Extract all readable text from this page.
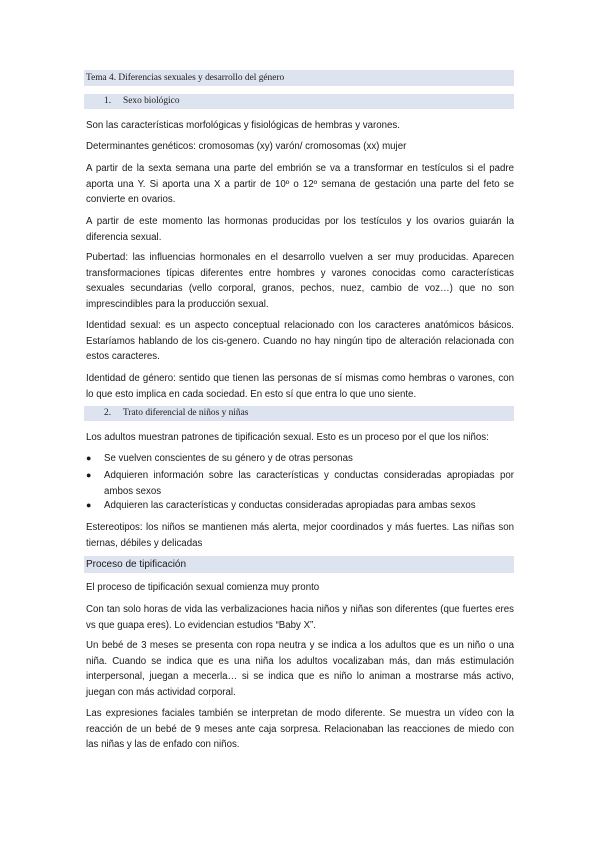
Tema 4. Diferencias sexuales y desarrollo del género
1. Sexo biológico

Son las características morfológicas y fisiológicas de hembras y varones.

Determinantes genéticos: cromosomas (xy) varón/ cromosomas (xx) mujer

A partir de la sexta semana una parte del embrión se va a transformar en testículos si el padre aporta una Y. Si aporta una X a partir de 10º o 12º semana de gestación una parte del feto se convierte en ovarios.

A partir de este momento las hormonas producidas por los testículos y los ovarios guiarán la diferencia sexual.

Pubertad: las influencias hormonales en el desarrollo vuelven a ser muy producidas. Aparecen transformaciones típicas diferentes entre hombres y varones conocidas como características sexuales secundarias (vello corporal, granos, pechos, nuez, cambio de voz…) que no son imprescindibles para la producción sexual.

Identidad sexual: es un aspecto conceptual relacionado con los caracteres anatómicos básicos. Estaríamos hablando de los cis-genero. Cuando no hay ningún tipo de alteración relacionada con estos caracteres.

Identidad de género: sentido que tienen las personas de sí mismas como hembras o varones, con lo que esto implica en cada sociedad. En esto sí que entra lo que uno siente.

2. Trato diferencial de niños y niñas

Los adultos muestran patrones de tipificación sexual. Esto es un proceso por el que los niños:

● Se vuelven conscientes de su género y de otras personas
● Adquieren información sobre las características y conductas consideradas apropiadas por ambos sexos
● Adquieren las características y conductas consideradas apropiadas para ambas sexos

Estereotipos: los niños se mantienen más alerta, mejor coordinados y más fuertes. Las niñas son tiernas, débiles y delicadas

Proceso de tipificación

El proceso de tipificación sexual comienza muy pronto

Con tan solo horas de vida las verbalizaciones hacia niños y niñas son diferentes (que fuertes eres vs que guapa eres). Lo evidencian estudios “Baby X”.

Un bebé de 3 meses se presenta con ropa neutra y se indica a los adultos que es un niño o una niña. Cuando se indica que es una niña los adultos vocalizaban más, dan más estimulación interpersonal, juegan a mecerla… si se indica que es niño lo animan a mostrarse más activo, juegan con más actividad corporal.

Las expresiones faciales también se interpretan de modo diferente. Se muestra un vídeo con la reacción de un bebé de 9 meses ante caja sorpresa. Relacionaban las reacciones de miedo con las niñas y las de enfado con niños.
